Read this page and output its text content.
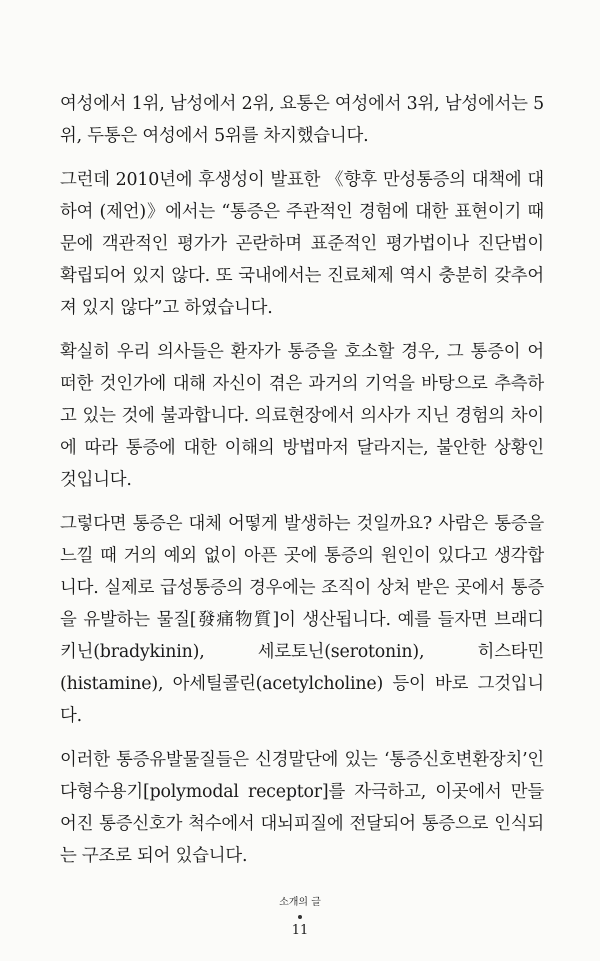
여성에서 1위, 남성에서 2위, 요통은 여성에서 3위, 남성에서는 5위, 두통은 여성에서 5위를 차지했습니다.

그런데 2010년에 후생성이 발표한 《향후 만성통증의 대책에 대하여 (제언)》에서는 “통증은 주관적인 경험에 대한 표현이기 때문에 객관적인 평가가 곤란하며 표준적인 평가법이나 진단법이 확립되어 있지 않다. 또 국내에서는 진료체제 역시 충분히 갖추어져 있지 않다”고 하였습니다.

확실히 우리 의사들은 환자가 통증을 호소할 경우, 그 통증이 어떠한 것인가에 대해 자신이 겪은 과거의 기억을 바탕으로 추측하고 있는 것에 불과합니다. 의료현장에서 의사가 지닌 경험의 차이에 따라 통증에 대한 이해의 방법마저 달라지는, 불안한 상황인 것입니다.

그렇다면 통증은 대체 어떻게 발생하는 것일까요? 사람은 통증을 느낄 때 거의 예외 없이 아픈 곳에 통증의 원인이 있다고 생각합니다. 실제로 급성통증의 경우에는 조직이 상처 받은 곳에서 통증을 유발하는 물질[發痛物質]이 생산됩니다. 예를 들자면 브래디키닌(bradykinin), 세로토닌(serotonin), 히스타민(histamine), 아세틸콜린(acetylcholine) 등이 바로 그것입니다.

이러한 통증유발물질들은 신경말단에 있는 ‘통증신호변환장치’인 다형수용기[polymodal receptor]를 자극하고, 이곳에서 만들어진 통증신호가 척수에서 대뇌피질에 전달되어 통증으로 인식되는 구조로 되어 있습니다.

소개의 글
11
